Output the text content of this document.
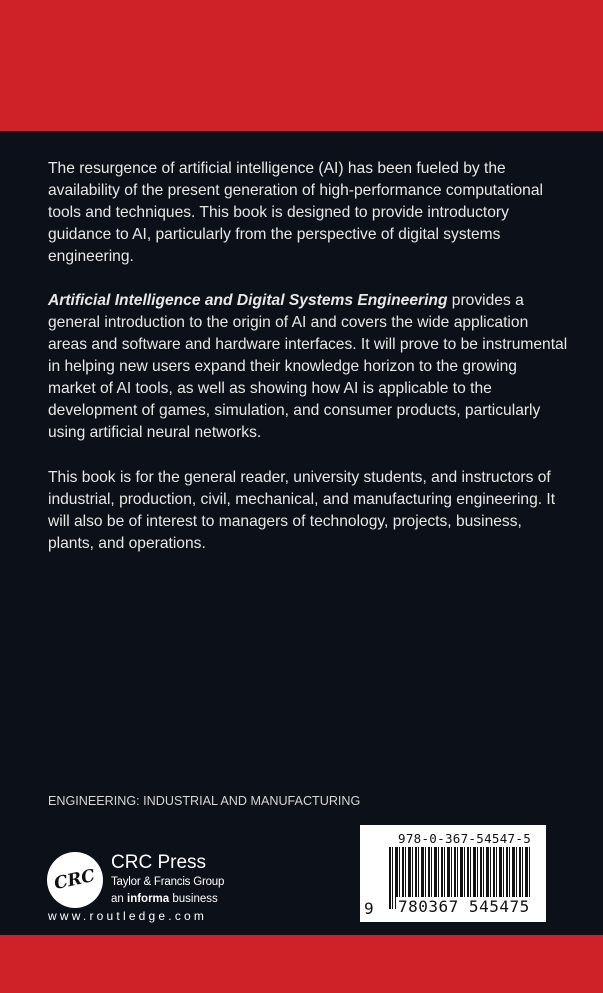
The resurgence of artificial intelligence (AI) has been fueled by the availability of the present generation of high-performance computational tools and techniques. This book is designed to provide introductory guidance to AI, particularly from the perspective of digital systems engineering.

Artificial Intelligence and Digital Systems Engineering provides a general introduction to the origin of AI and covers the wide application areas and software and hardware interfaces. It will prove to be instrumental in helping new users expand their knowledge horizon to the growing market of AI tools, as well as showing how AI is applicable to the development of games, simulation, and consumer products, particularly using artificial neural networks.

This book is for the general reader, university students, and instructors of industrial, production, civil, mechanical, and manufacturing engineering. It will also be of interest to managers of technology, projects, business, plants, and operations.

ENGINEERING: INDUSTRIAL AND MANUFACTURING
CRC
CRC Press
Taylor & Francis Group
an informa business
www.routledge.com
978-0-367-54547-5
9 780367 545475
